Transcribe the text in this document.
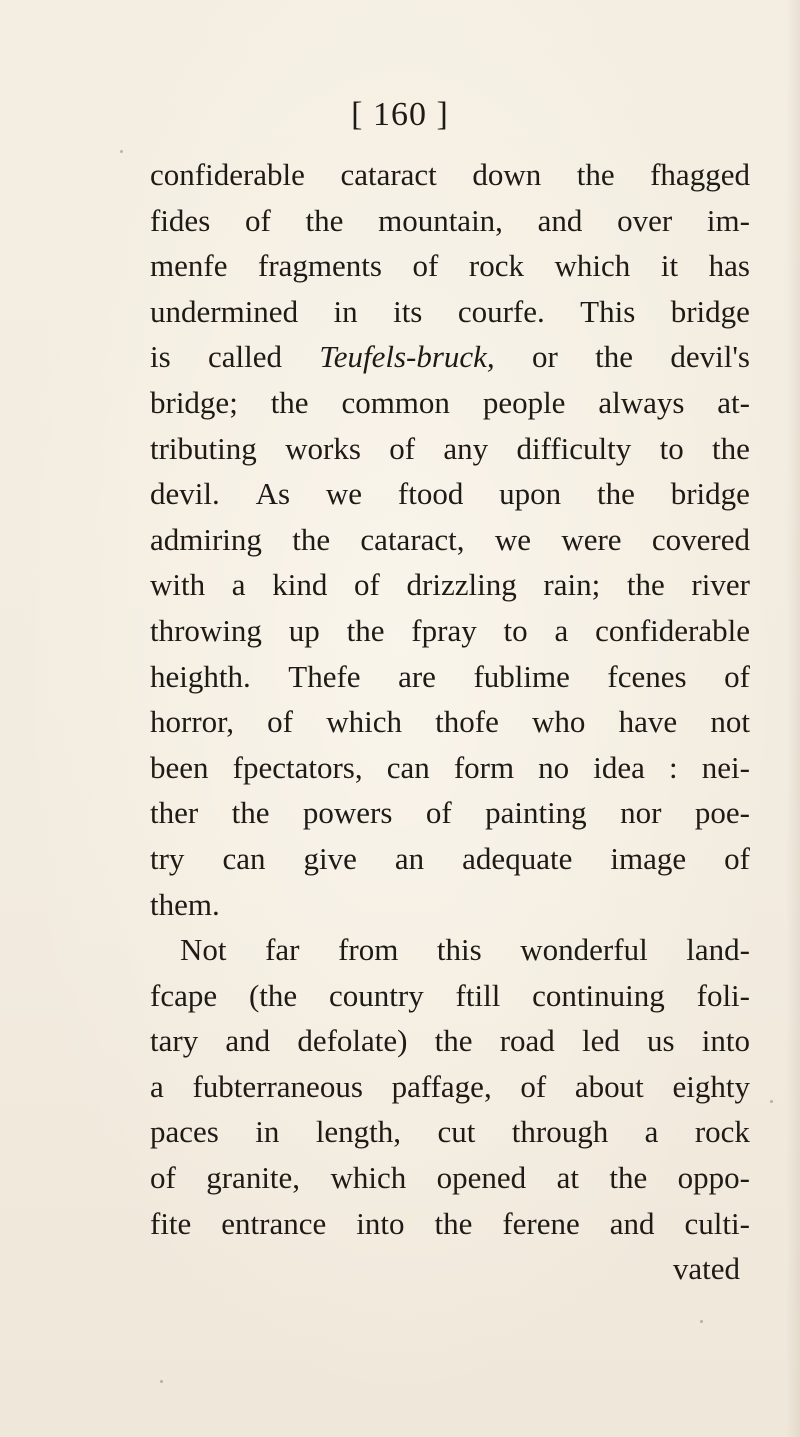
[ 160 ]
confiderable cataract down the fhagged
fides of the mountain, and over im-
menfe fragments of rock which it has
undermined in its courfe. This bridge
is called Teufels-bruck, or the devil's
bridge; the common people always at-
tributing works of any difficulty to the
devil. As we ftood upon the bridge
admiring the cataract, we were covered
with a kind of drizzling rain; the river
throwing up the fpray to a confiderable
heighth. Thefe are fublime fcenes of
horror, of which thofe who have not
been fpectators, can form no idea : nei-
ther the powers of painting nor poe-
try can give an adequate image of
them.
Not far from this wonderful land-
fcape (the country ftill continuing foli-
tary and defolate) the road led us into
a fubterraneous paffage, of about eighty
paces in length, cut through a rock
of granite, which opened at the oppo-
fite entrance into the ferene and culti-
vated
